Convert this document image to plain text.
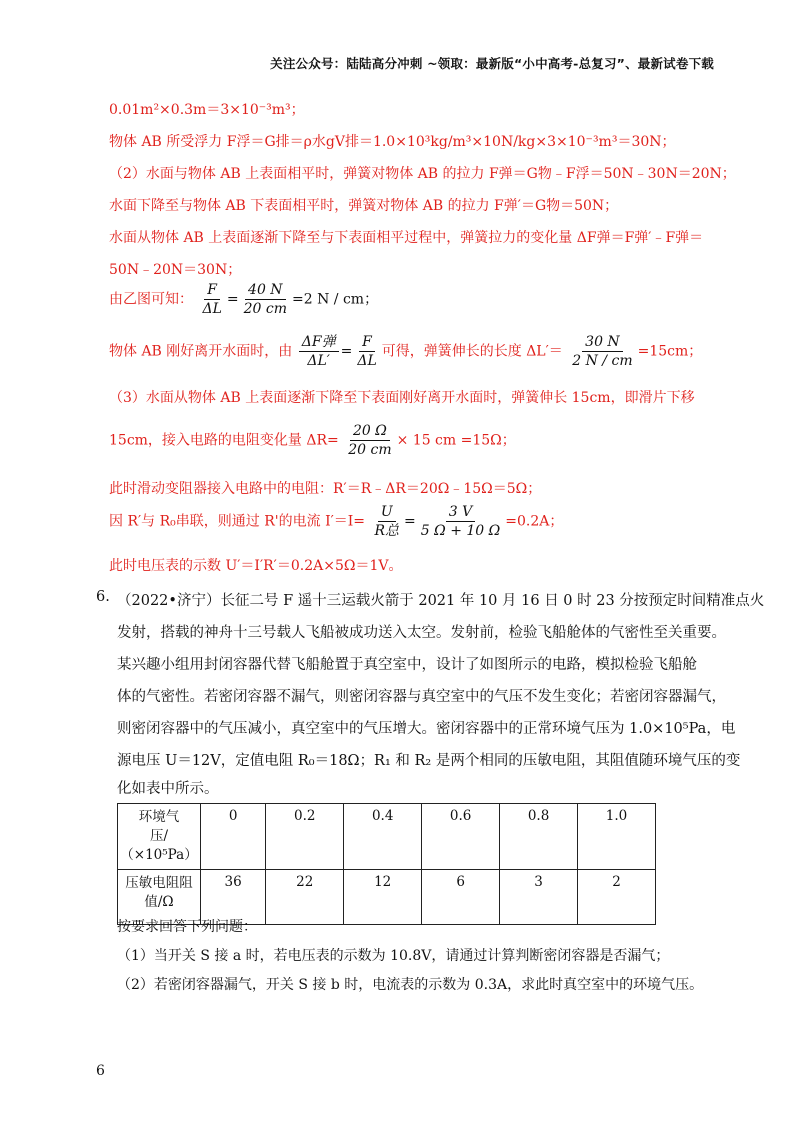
关注公众号：陆陆高分冲刺 ~领取：最新版“小中高考-总复习”、最新试卷下载
0.01m²×0.3m＝3×10⁻³m³；
物体 AB 所受浮力 F浮＝G排＝ρ水gV排＝1.0×10³kg/m³×10N/kg×3×10⁻³m³＝30N；
（2）水面与物体 AB 上表面相平时，弹簧对物体 AB 的拉力 F弹＝G物﹣F浮＝50N﹣30N＝20N；
水面下降至与物体 AB 下表面相平时，弹簧对物体 AB 的拉力 F弹′＝G物＝50N；
水面从物体 AB 上表面逐渐下降至与下表面相平过程中，弹簧拉力的变化量 ΔF弹＝F弹′﹣F弹＝
50N﹣20N＝30N；
由乙图可知： $\frac{F}{\Delta L} = \frac{40 N}{20 cm} =2$ N / cm；
物体 AB 刚好离开水面时，由 $\frac{\text{ΔF弹}}{\Delta L'} = \frac{F}{\Delta L}$ 可得，弹簧伸长的长度 $\Delta L'= \frac{30 N}{2 N / cm} =15cm$；
（3）水面从物体 AB 上表面逐渐下降至下表面刚好离开水面时，弹簧伸长 15cm，即滑片下移
15cm，接入电路的电阻变化量 $\Delta R= \frac{20 \Omega}{20 cm} \times 15$ cm =15Ω；
此时滑动变阻器接入电路中的电阻：R′＝R﹣ΔR＝20Ω﹣15Ω＝5Ω；
因 R′与 R₀串联，则通过 R'的电流 $I'=I= \frac{U}{\text{R总}} = \frac{3 V}{5 \Omega + 10 \Omega} =0.2A$；
此时电压表的示数 U′＝I′R′＝0.2A×5Ω＝1V。
6. （2022•济宁）长征二号 F 遥十三运载火箭于 2021 年 10 月 16 日 0 时 23 分按预定时间精准点火
发射，搭载的神舟十三号载人飞船被成功送入太空。发射前，检验飞船舱体的气密性至关重要。
某兴趣小组用封闭容器代替飞船舱置于真空室中，设计了如图所示的电路，模拟检验飞船舱
体的气密性。若密闭容器不漏气，则密闭容器与真空室中的气压不发生变化；若密闭容器漏气，
则密闭容器中的气压减小，真空室中的气压增大。密闭容器中的正常环境气压为 1.0×10⁵Pa，电
源电压 U＝12V，定值电阻 R₀＝18Ω；R₁ 和 R₂ 是两个相同的压敏电阻，其阻值随环境气压的变
化如表中所示。
环境气
压/
（×10⁵Pa）	0	0.2	0.4	0.6	0.8	1.0

压敏电阻阻
值/Ω	36	22	12	6	3	2
按要求回答下列问题：
（1）当开关 S 接 a 时，若电压表的示数为 10.8V，请通过计算判断密闭容器是否漏气；
（2）若密闭容器漏气，开关 S 接 b 时，电流表的示数为 0.3A，求此时真空室中的环境气压。
6
